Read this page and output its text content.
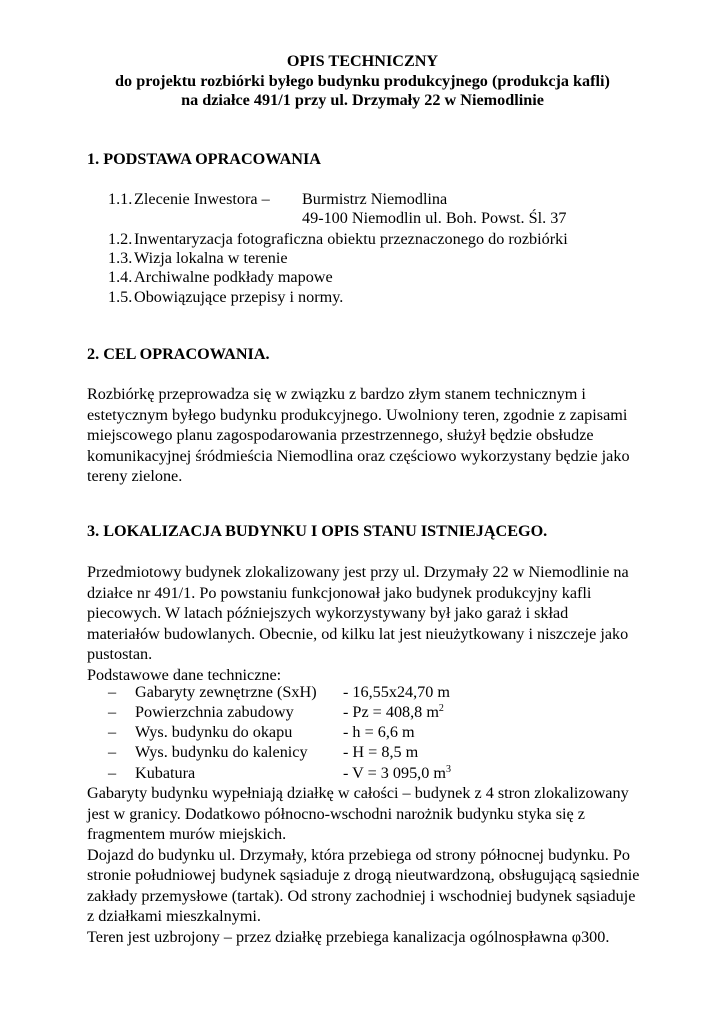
OPIS TECHNICZNY
do projektu rozbiórki byłego budynku produkcyjnego (produkcja kafli)
na działce 491/1 przy ul. Drzymały 22 w Niemodlinie
1. PODSTAWA OPRACOWANIA
1.1. Zlecenie Inwestora – Burmistrz Niemodlina
49-100 Niemodlin ul. Boh. Powst. Śl. 37
1.2. Inwentaryzacja fotograficzna obiektu przeznaczonego do rozbiórki
1.3. Wizja lokalna w terenie
1.4. Archiwalne podkłady mapowe
1.5. Obowiązujące przepisy i normy.
2. CEL OPRACOWANIA.
Rozbiórkę przeprowadza się w związku z bardzo złym stanem technicznym i
estetycznym byłego budynku produkcyjnego. Uwolniony teren, zgodnie z zapisami
miejscowego planu zagospodarowania przestrzennego, służył będzie obsłudze
komunikacyjnej śródmieścia Niemodlina oraz częściowo wykorzystany będzie jako
tereny zielone.
3. LOKALIZACJA BUDYNKU I OPIS STANU ISTNIEJĄCEGO.
Przedmiotowy budynek zlokalizowany jest przy ul. Drzymały 22 w Niemodlinie na
działce nr 491/1. Po powstaniu funkcjonował jako budynek produkcyjny kafli
piecowych. W latach późniejszych wykorzystywany był jako garaż i skład
materiałów budowlanych. Obecnie, od kilku lat jest nieużytkowany i niszczeje jako
pustostan.
Podstawowe dane techniczne:
– Gabaryty zewnętrzne (SxH) - 16,55x24,70 m
– Powierzchnia zabudowy	- Pz = 408,8 $m^2$
– Wys. budynku do okapu	- h = 6,6 m
– Wys. budynku do kalenicy - H = 8,5 m
– Kubatura	- V = 3 095,0 $m^3$
Gabaryty budynku wypełniają działkę w całości – budynek z 4 stron zlokalizowany
jest w granicy. Dodatkowo północno-wschodni narożnik budynku styka się z
fragmentem murów miejskich.
Dojazd do budynku ul. Drzymały, która przebiega od strony północnej budynku. Po
stronie południowej budynek sąsiaduje z drogą nieutwardzoną, obsługującą sąsiednie
zakłady przemysłowe (tartak). Od strony zachodniej i wschodniej budynek sąsiaduje
z działkami mieszkalnymi.
Teren jest uzbrojony – przez działkę przebiega kanalizacja ogólnospławna φ300.
